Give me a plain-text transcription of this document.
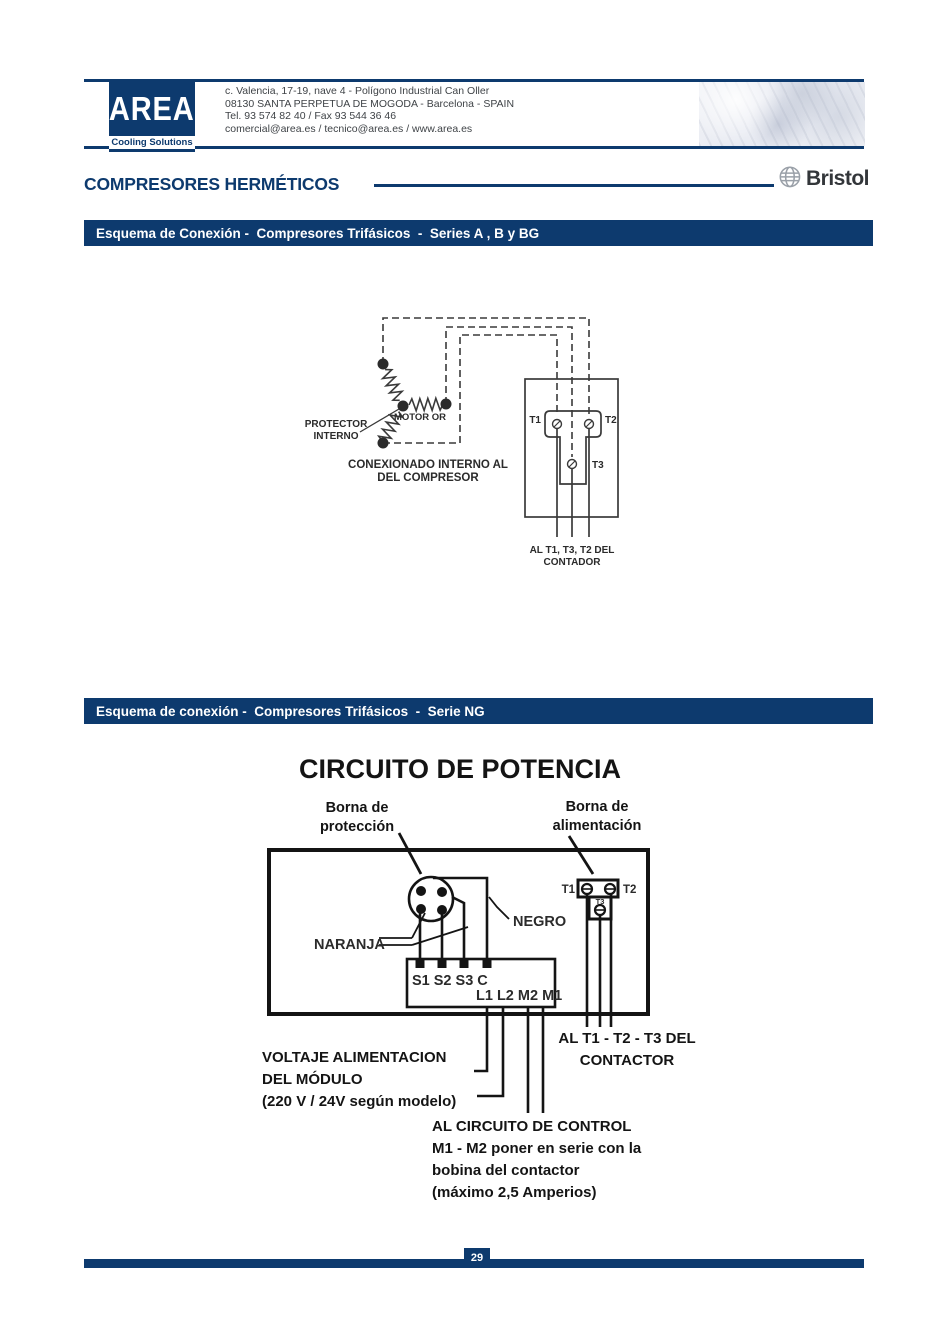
AREA
Cooling Solutions
c. Valencia, 17-19, nave 4 - Polígono Industrial Can Oller
08130 SANTA PERPETUA DE MOGODA - Barcelona - SPAIN
Tel. 93 574 82 40 / Fax 93 544 36 46
comercial@area.es / tecnico@area.es / www.area.es
COMPRESORES HERMÉTICOS	Bristol
Esquema de Conexión -  Compresores Trifásicos  -  Series A , B y BG
PROTECTOR
INTERNO
MOTOR OR
CONEXIONADO INTERNO AL
DEL COMPRESOR
T1	T2
T3
AL T1, T3, T2 DEL
CONTADOR
Esquema de conexión -  Compresores Trifásicos  -  Serie NG
CIRCUITO DE POTENCIA
Borna de
protección
Borna de
alimentación
NEGRO
NARANJA
S1 S2 S3 C
L1 L2 M2 M1
T1	T2
T3
AL T1 - T2 - T3 DEL
CONTACTOR
VOLTAJE ALIMENTACION
DEL MÓDULO
(220 V / 24V según modelo)
AL CIRCUITO DE CONTROL
M1 - M2 poner en serie con la
bobina del contactor
(máximo 2,5 Amperios)
29
